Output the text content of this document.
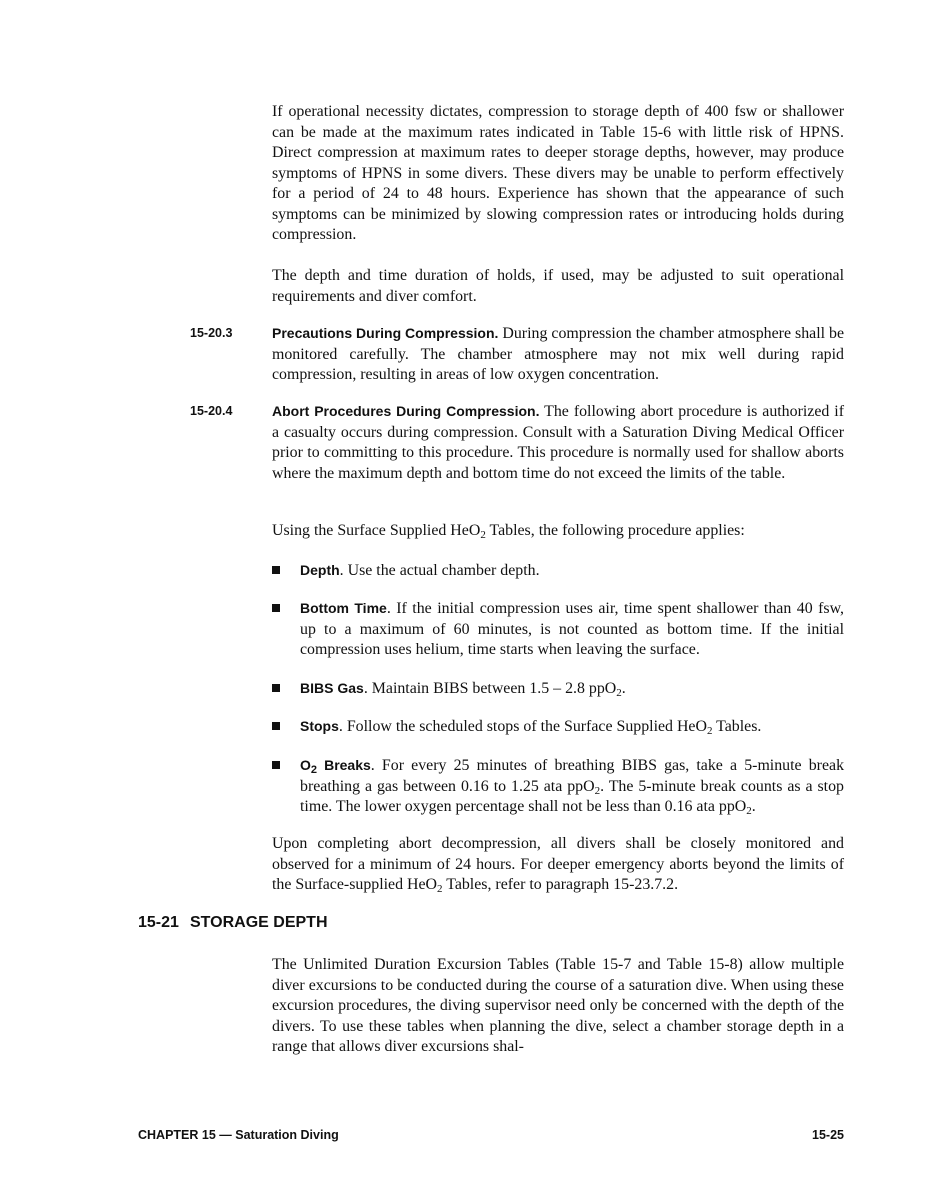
If operational necessity dictates, compression to storage depth of 400 fsw or shallower can be made at the maximum rates indicated in Table 15-6 with little risk of HPNS. Direct compression at maximum rates to deeper storage depths, however, may produce symptoms of HPNS in some divers. These divers may be unable to perform effectively for a period of 24 to 48 hours. Experience has shown that the appearance of such symptoms can be minimized by slowing compression rates or introducing holds during compression.

The depth and time duration of holds, if used, may be adjusted to suit operational requirements and diver comfort.

15-20.3	Precautions During Compression. During compression the chamber atmosphere shall be monitored carefully. The chamber atmosphere may not mix well during rapid compression, resulting in areas of low oxygen concentration.

15-20.4	Abort Procedures During Compression. The following abort procedure is authorized if a casualty occurs during compression. Consult with a Saturation Diving Medical Officer prior to committing to this procedure. This procedure is normally used for shallow aborts where the maximum depth and bottom time do not exceed the limits of the table.

Using the Surface Supplied HeO$_2$ Tables, the following procedure applies:

Depth. Use the actual chamber depth.

Bottom Time. If the initial compression uses air, time spent shallower than 40 fsw, up to a maximum of 60 minutes, is not counted as bottom time. If the initial compression uses helium, time starts when leaving the surface.

BIBS Gas. Maintain BIBS between 1.5 – 2.8 ppO$_2$.

Stops. Follow the scheduled stops of the Surface Supplied HeO$_2$ Tables.

$O_2$ Breaks. For every 25 minutes of breathing BIBS gas, take a 5-minute break breathing a gas between 0.16 to 1.25 ata ppO$_2$. The 5-minute break counts as a stop time. The lower oxygen percentage shall not be less than 0.16 ata ppO$_2$.

Upon completing abort decompression, all divers shall be closely monitored and observed for a minimum of 24 hours. For deeper emergency aborts beyond the limits of the Surface-supplied HeO$_2$ Tables, refer to paragraph 15-23.7.2.

15-21 STORAGE DEPTH

The Unlimited Duration Excursion Tables (Table 15-7 and Table 15-8) allow multiple diver excursions to be conducted during the course of a saturation dive. When using these excursion procedures, the diving supervisor need only be concerned with the depth of the divers. To use these tables when planning the dive, select a chamber storage depth in a range that allows diver excursions shal-

CHAPTER 15 — Saturation Diving	15-25
